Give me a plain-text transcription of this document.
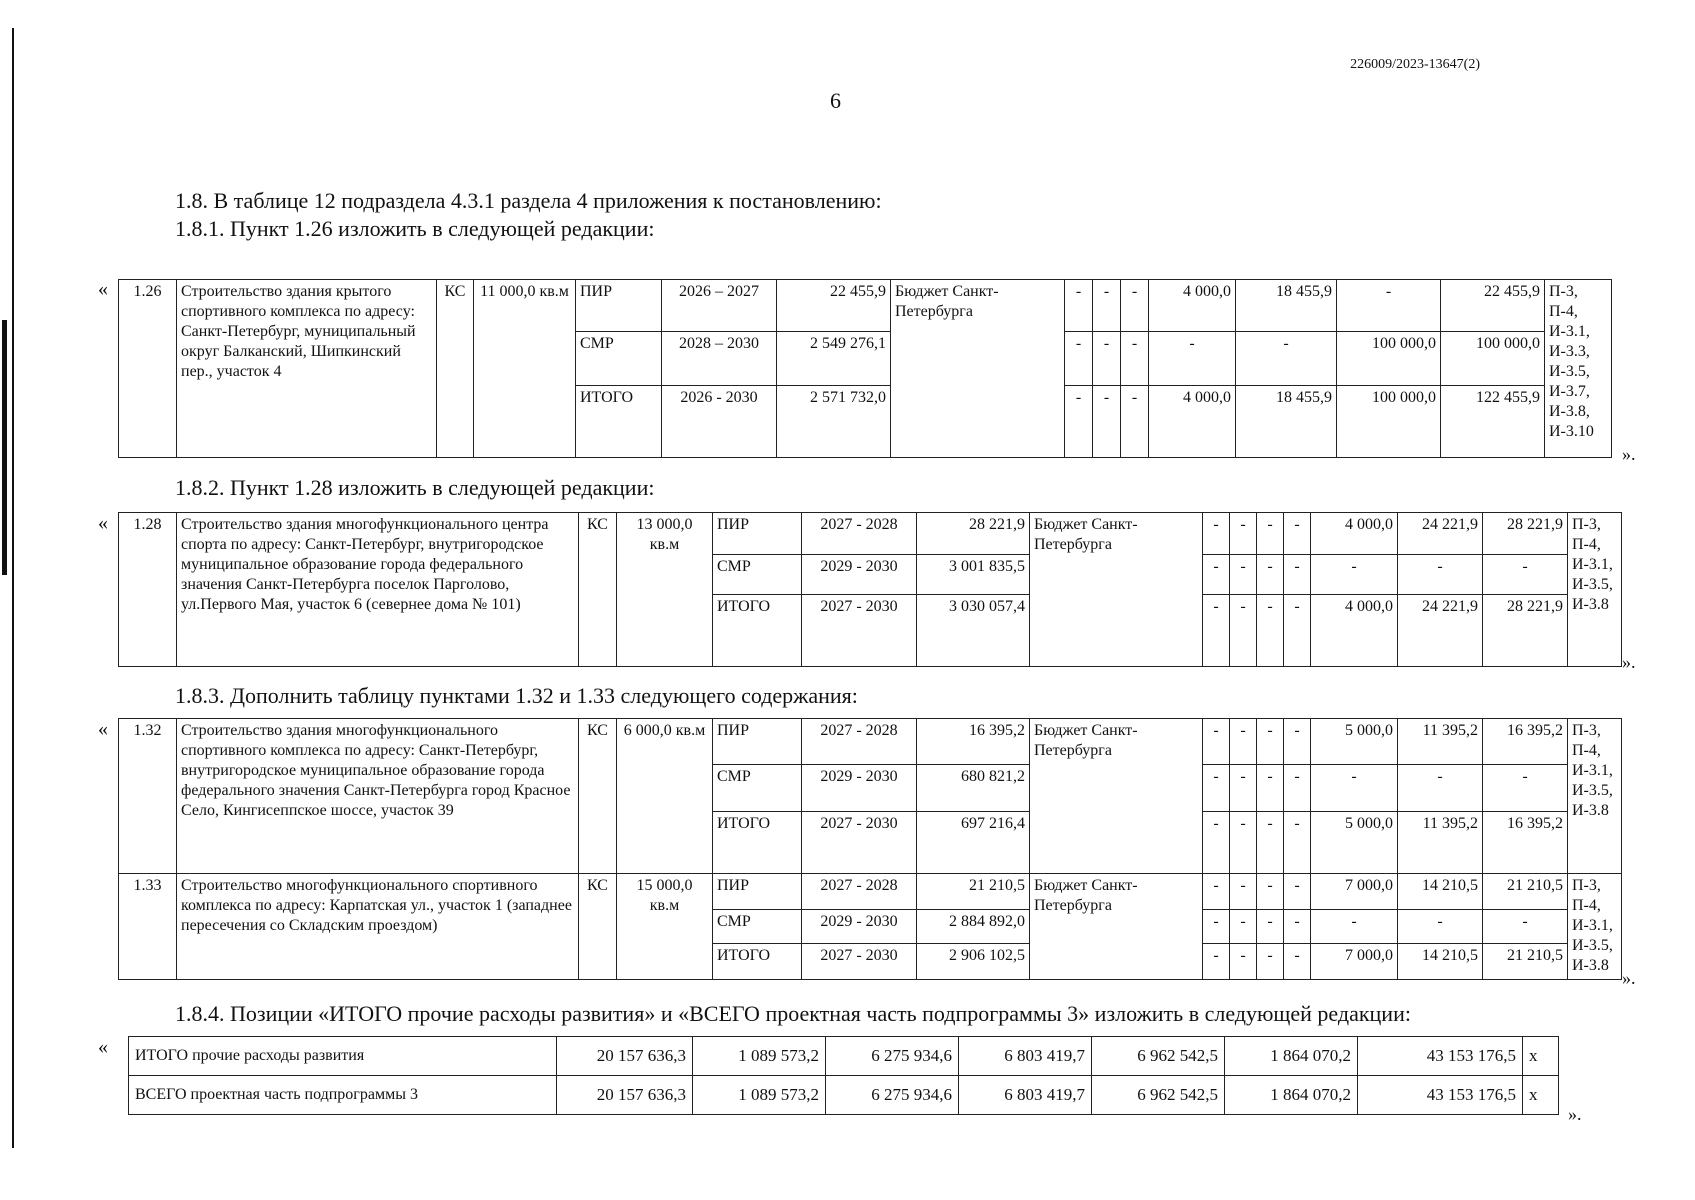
226009/2023-13647(2)
6
1.8. В таблице 12 подраздела 4.3.1 раздела 4 приложения к постановлению:
1.8.1. Пункт 1.26 изложить в следующей редакции:
« 1.26	Строительство здания крытого спортивного комплекса по адресу: Санкт-Петербург, муниципальный округ Балканский, Шипкинский пер., участок 4	КС	11 000,0 кв.м	ПИР	2026 – 2027	22 455,9	Бюджет Санкт-Петербурга	-	-	-	4 000,0	18 455,9	-	22 455,9	П-3, П-4, И-3.1, И-3.3, И-3.5, И-3.7, И-3.8, И-3.10
				СМР	2028 – 2030	2 549 276,1		-	-	-	-	-	100 000,0	100 000,0	
				ИТОГО	2026 - 2030	2 571 732,0		-	-	-	4 000,0	18 455,9	100 000,0	122 455,9	
».
1.8.2. Пункт 1.28 изложить в следующей редакции:
« 1.28	Строительство здания многофункционального центра спорта по адресу: Санкт-Петербург, внутригородское муниципальное образование города федерального значения Санкт-Петербурга поселок Парголово, ул.Первого Мая, участок 6 (севернее дома № 101)	КС	13 000,0 кв.м	ПИР	2027 - 2028	28 221,9	Бюджет Санкт-Петербурга	-	-	-	-	4 000,0	24 221,9	28 221,9	П-3, П-4, И-3.1, И-3.5, И-3.8
				СМР	2029 - 2030	3 001 835,5		-	-	-	-	-	-	-	
				ИТОГО	2027 - 2030	3 030 057,4		-	-	-	-	4 000,0	24 221,9	28 221,9	
».
1.8.3. Дополнить таблицу пунктами 1.32 и 1.33 следующего содержания:
« 1.32	Строительство здания многофункционального спортивного комплекса по адресу: Санкт-Петербург, внутригородское муниципальное образование города федерального значения Санкт-Петербурга город Красное Село, Кингисеппское шоссе, участок 39	КС	6 000,0 кв.м	ПИР	2027 - 2028	16 395,2	Бюджет Санкт-Петербурга	-	-	-	-	5 000,0	11 395,2	16 395,2	П-3, П-4, И-3.1, И-3.5, И-3.8
				СМР	2029 - 2030	680 821,2		-	-	-	-	-	-	-	
				ИТОГО	2027 - 2030	697 216,4		-	-	-	-	5 000,0	11 395,2	16 395,2	
1.33	Строительство многофункционального спортивного комплекса по адресу: Карпатская ул., участок 1 (западнее пересечения со Складским проездом)	КС	15 000,0 кв.м	ПИР	2027 - 2028	21 210,5	Бюджет Санкт-Петербурга	-	-	-	-	7 000,0	14 210,5	21 210,5	П-3, П-4, И-3.1, И-3.5, И-3.8
				СМР	2029 - 2030	2 884 892,0		-	-	-	-	-	-	-	
				ИТОГО	2027 - 2030	2 906 102,5		-	-	-	-	7 000,0	14 210,5	21 210,5	
».
1.8.4. Позиции «ИТОГО прочие расходы развития» и «ВСЕГО проектная часть подпрограммы 3» изложить в следующей редакции:
« ИТОГО прочие расходы развития	20 157 636,3	1 089 573,2	6 275 934,6	6 803 419,7	6 962 542,5	1 864 070,2	43 153 176,5	х
ВСЕГО проектная часть подпрограммы 3	20 157 636,3	1 089 573,2	6 275 934,6	6 803 419,7	6 962 542,5	1 864 070,2	43 153 176,5	х
».
